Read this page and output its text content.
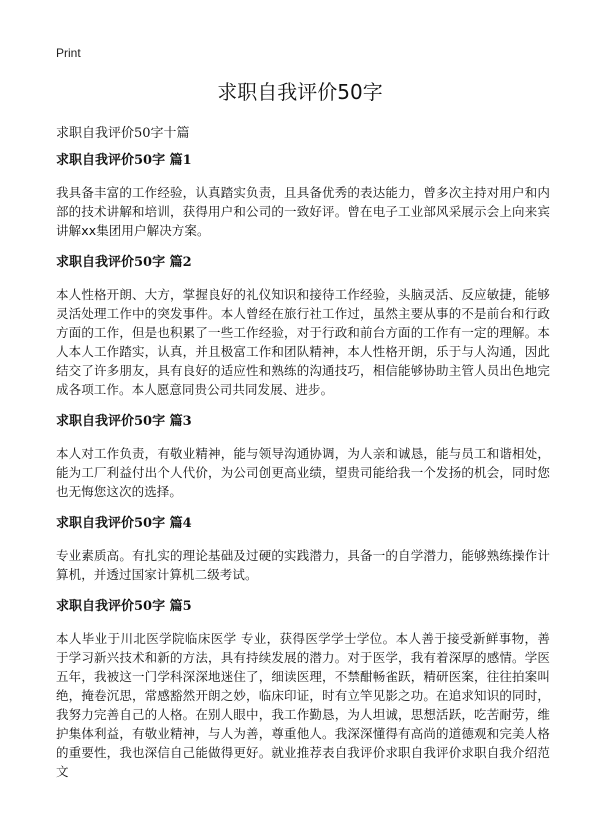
Print
求职自我评价50字

求职自我评价50字十篇

求职自我评价50字 篇1

我具备丰富的工作经验，认真踏实负责，且具备优秀的表达能力，曾多次主持对用户和内部的技术讲解和培训，获得用户和公司的一致好评。曾在电子工业部风采展示会上向来宾讲解xx集团用户解决方案。

求职自我评价50字 篇2

本人性格开朗、大方，掌握良好的礼仪知识和接待工作经验，头脑灵活、反应敏捷，能够灵活处理工作中的突发事件。本人曾经在旅行社工作过，虽然主要从事的不是前台和行政方面的工作，但是也积累了一些工作经验，对于行政和前台方面的工作有一定的理解。本人本人工作踏实，认真，并且极富工作和团队精神，本人性格开朗，乐于与人沟通，因此结交了许多朋友，具有良好的适应性和熟练的沟通技巧，相信能够协助主管人员出色地完成各项工作。本人愿意同贵公司共同发展、进步。

求职自我评价50字 篇3

本人对工作负责，有敬业精神，能与领导沟通协调，为人亲和诚恳，能与员工和谐相处，能为工厂利益付出个人代价，为公司创更高业绩，望贵司能给我一个发扬的机会，同时您也无悔您这次的选择。

求职自我评价50字 篇4

专业素质高。有扎实的理论基础及过硬的实践潜力，具备一的自学潜力，能够熟练操作计算机，并透过国家计算机二级考试。

求职自我评价50字 篇5

本人毕业于川北医学院临床医学 专业，获得医学学士学位。本人善于接受新鲜事物，善于学习新兴技术和新的方法，具有持续发展的潜力。对于医学，我有着深厚的感情。学医五年，我被这一门学科深深地迷住了，细读医理，不禁酣畅雀跃，精研医案，往往拍案叫绝，掩卷沉思，常感豁然开朗之妙，临床印证，时有立竿见影之功。在追求知识的同时，我努力完善自己的人格。在别人眼中，我工作勤恳，为人坦诚，思想活跃，吃苦耐劳，维护集体利益，有敬业精神，与人为善，尊重他人。我深深懂得有高尚的道德观和完美人格的重要性，我也深信自己能做得更好。就业推荐表自我评价求职自我评价求职自我介绍范文
